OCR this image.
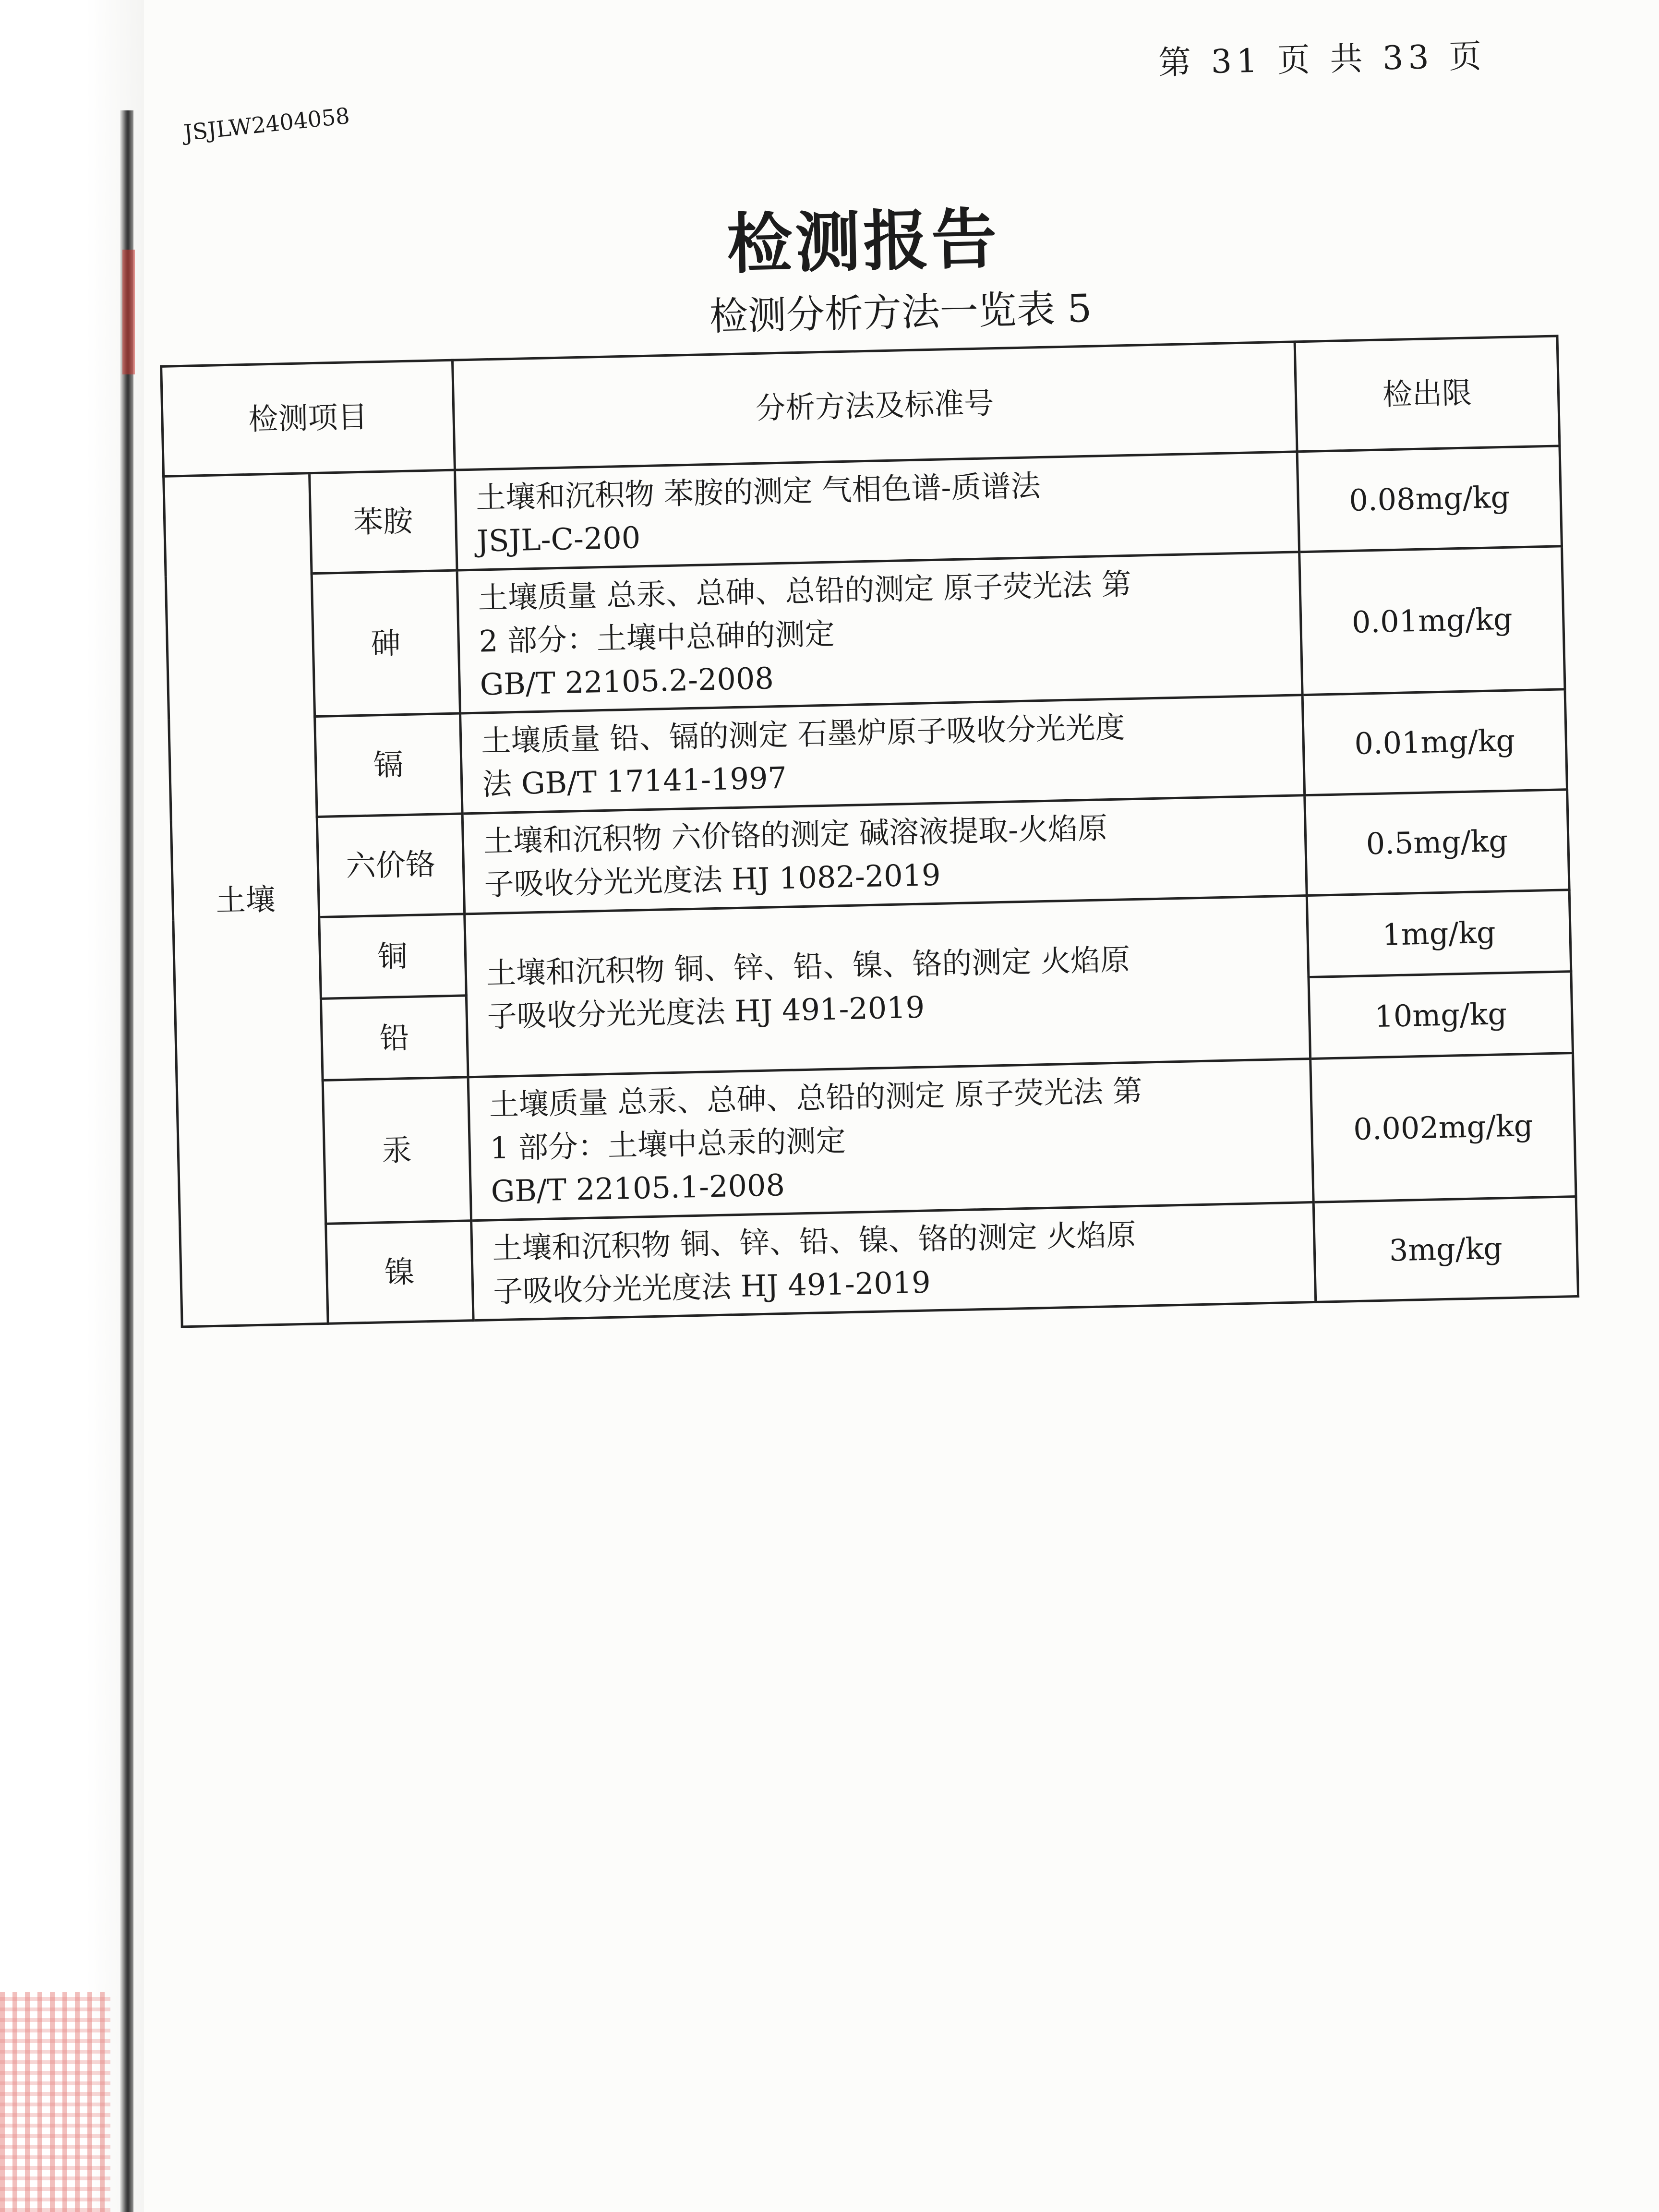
第 31 页 共 33 页
JSJLW2404058
检测报告
检测分析方法一览表 5
检测项目		分析方法及标准号	检出限
土壤	苯胺	土壤和沉积物 苯胺的测定 气相色谱-质谱法
JSJL-C-200	0.08mg/kg
	砷	土壤质量 总汞、总砷、总铅的测定 原子荧光法 第
2 部分：土壤中总砷的测定
GB/T 22105.2-2008	0.01mg/kg
	镉	土壤质量 铅、镉的测定 石墨炉原子吸收分光光度
法 GB/T 17141-1997	0.01mg/kg
	六价铬	土壤和沉积物 六价铬的测定 碱溶液提取-火焰原
子吸收分光光度法 HJ 1082-2019	0.5mg/kg
	铜	土壤和沉积物 铜、锌、铅、镍、铬的测定 火焰原
子吸收分光光度法 HJ 491-2019	1mg/kg
	铅		10mg/kg
	汞	土壤质量 总汞、总砷、总铅的测定 原子荧光法 第
1 部分：土壤中总汞的测定
GB/T 22105.1-2008	0.002mg/kg
	镍	土壤和沉积物 铜、锌、铅、镍、铬的测定 火焰原
子吸收分光光度法 HJ 491-2019	3mg/kg
